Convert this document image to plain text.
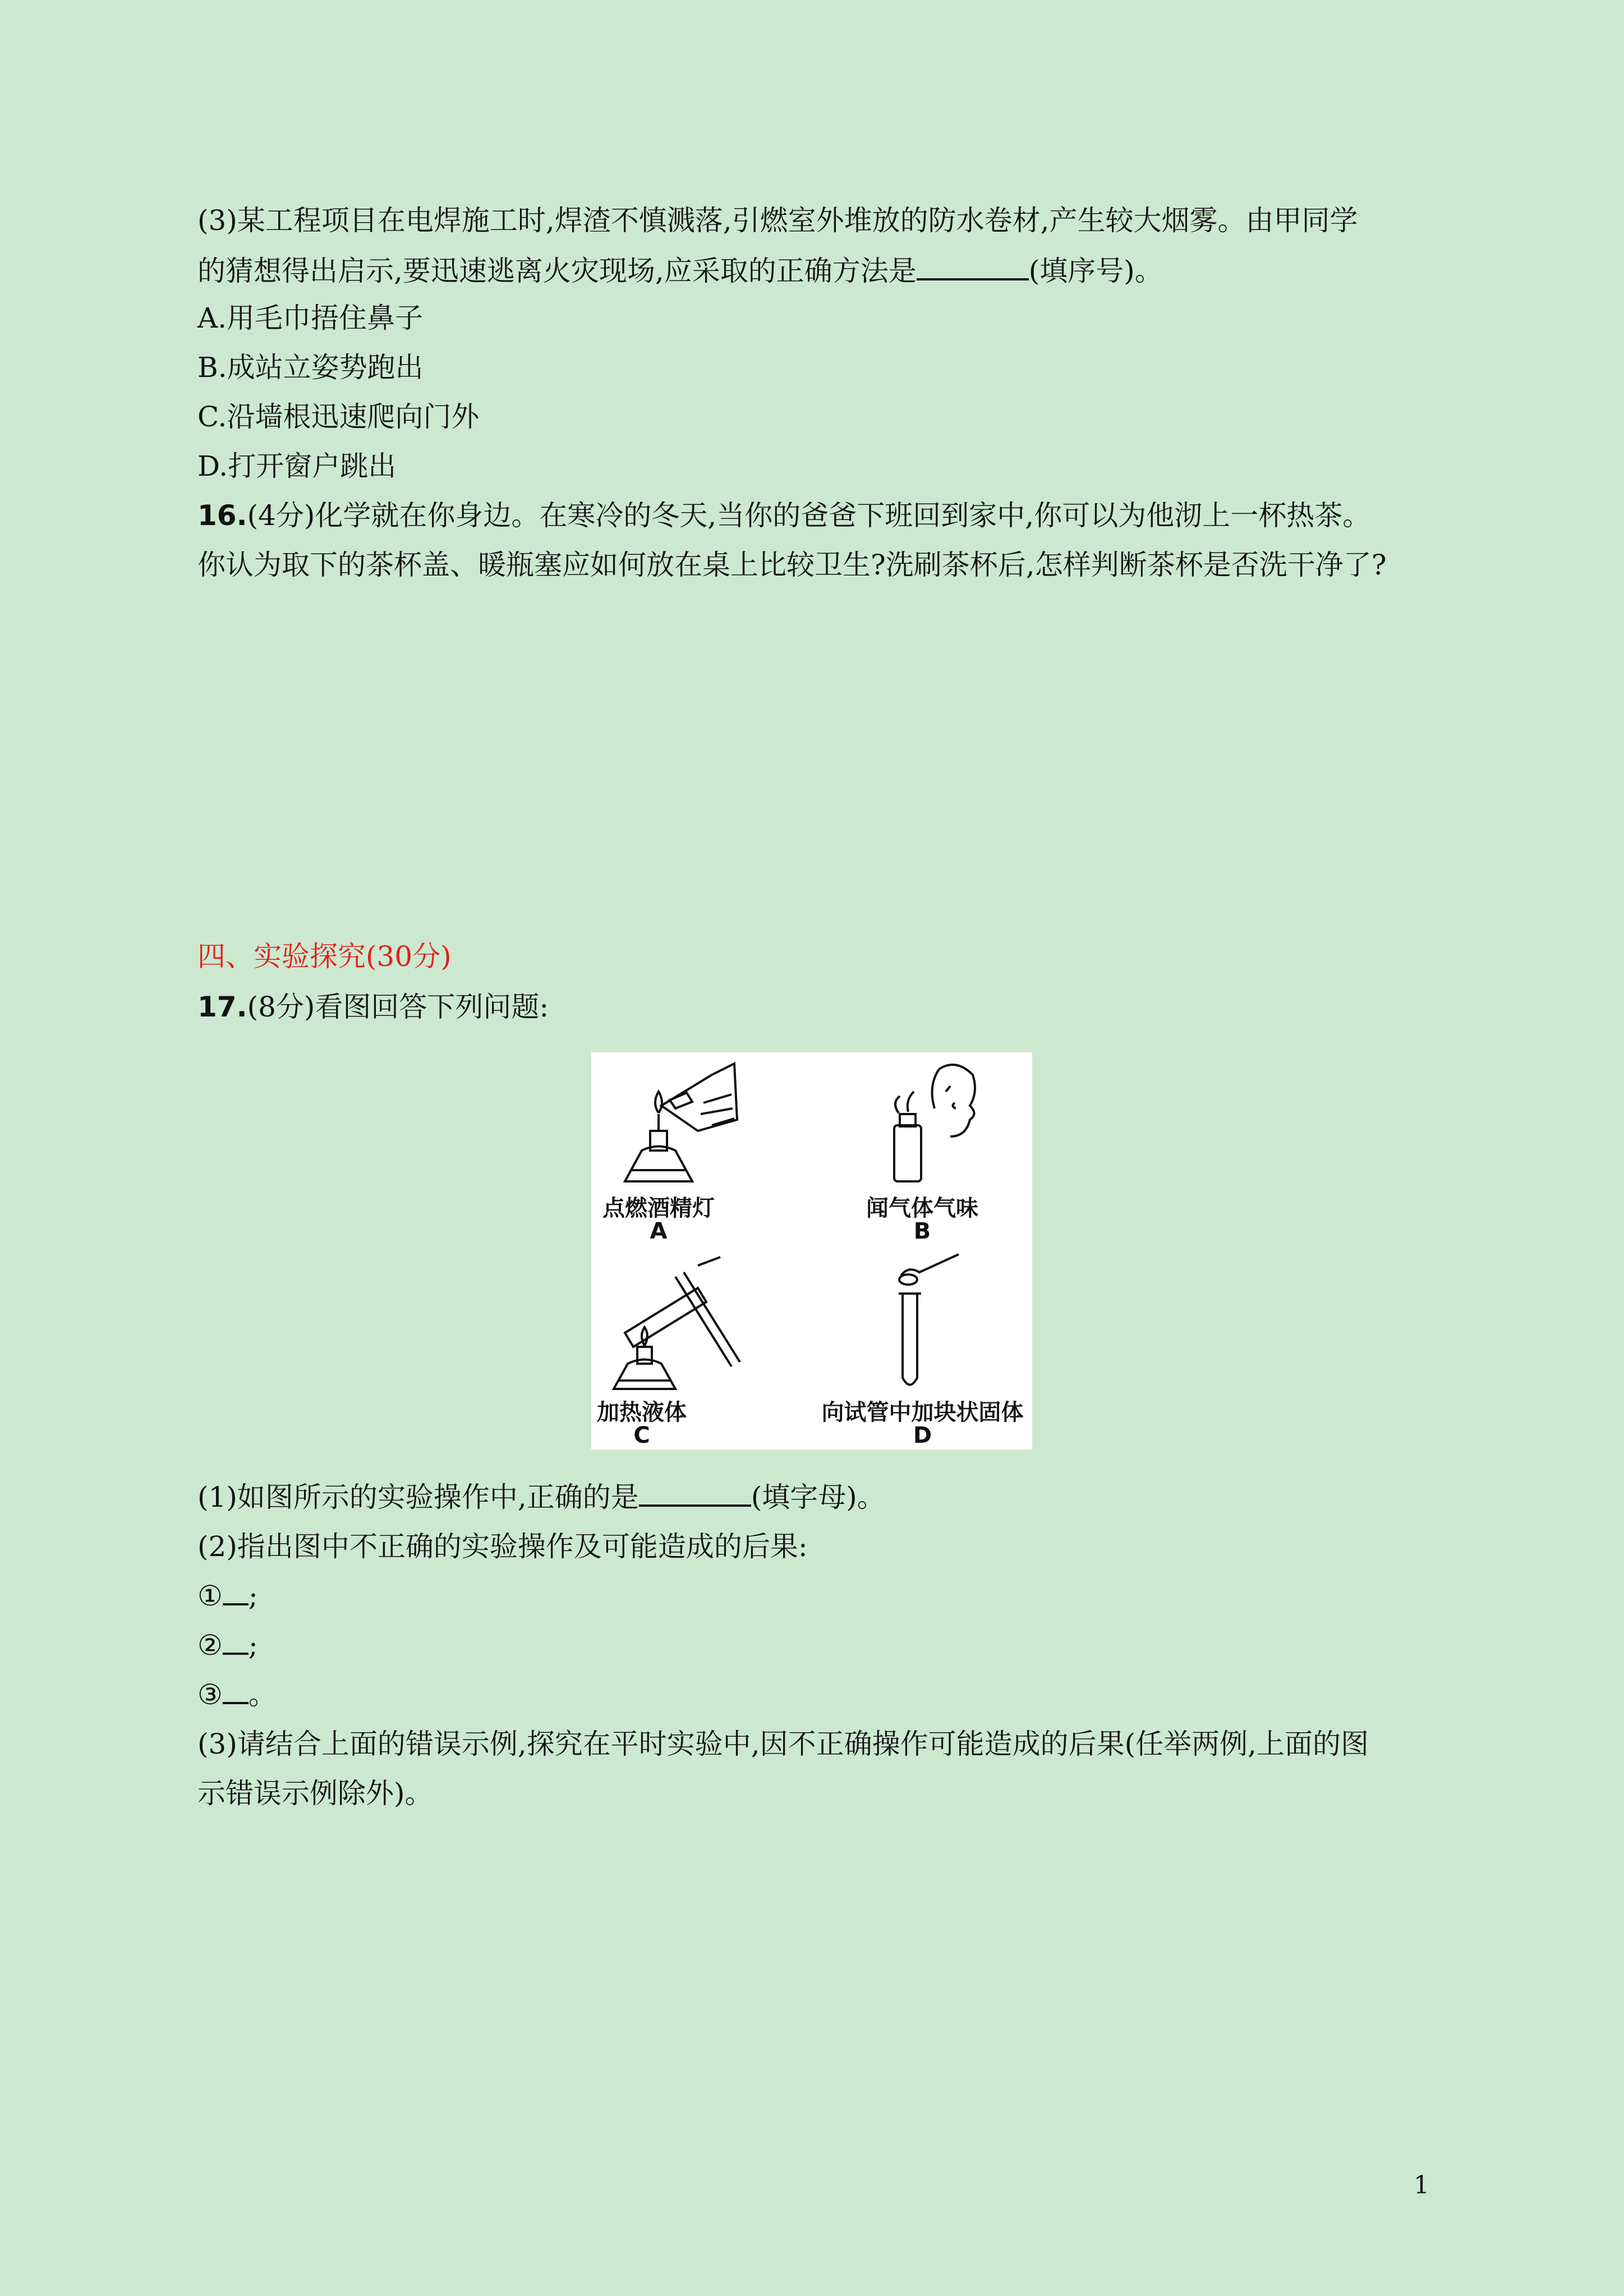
(3)某工程项目在电焊施工时,焊渣不慎溅落,引燃室外堆放的防水卷材,产生较大烟雾。由甲同学
的猜想得出启示,要迅速逃离火灾现场,应采取的正确方法是	(填序号)。
A.用毛巾捂住鼻子
B.成站立姿势跑出
C.沿墙根迅速爬向门外
D.打开窗户跳出
16.(4分)化学就在你身边。在寒冷的冬天,当你的爸爸下班回到家中,你可以为他沏上一杯热茶。
你认为取下的茶杯盖、暖瓶塞应如何放在桌上比较卫生?洗刷茶杯后,怎样判断茶杯是否洗干净了?
四、实验探究(30分)
17.(8分)看图回答下列问题:
点燃酒精灯
A
闻气体气味
B
加热液体
C
向试管中加块状固体
D
(1)如图所示的实验操作中,正确的是	(填字母)。
(2)指出图中不正确的实验操作及可能造成的后果:
① ;
② ;
③ 。
(3)请结合上面的错误示例,探究在平时实验中,因不正确操作可能造成的后果(任举两例,上面的图
示错误示例除外)。
1
